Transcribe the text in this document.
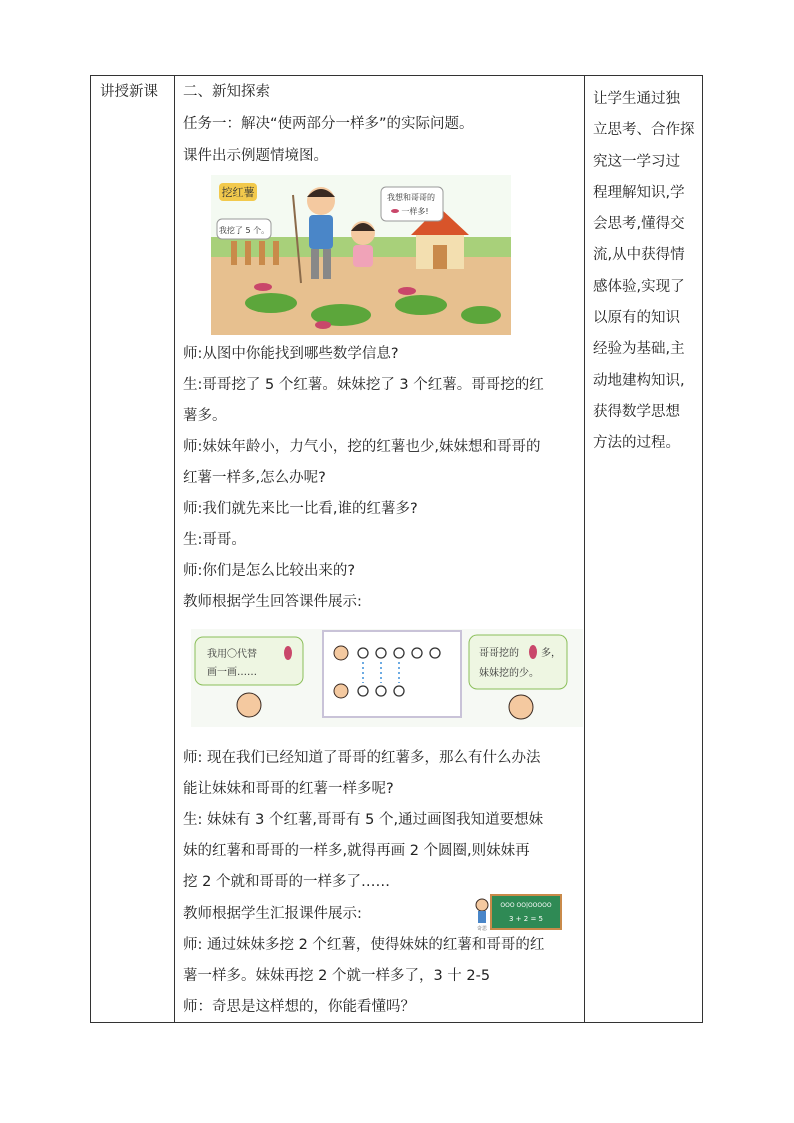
讲授新课 二、新知探索
任务一：解决“使两部分一样多”的实际问题。
课件出示例题情境图。
挖红薯	我想和哥哥的
一样多!
我挖了 5 个。
师:从图中你能找到哪些数学信息?
生:哥哥挖了 5 个红薯。妹妹挖了 3 个红薯。哥哥挖的红
薯多。
师:妹妹年龄小，力气小，挖的红薯也少,妹妹想和哥哥的
红薯一样多,怎么办呢?
师:我们就先来比一比看,谁的红薯多?
生:哥哥。
师:你们是怎么比较出来的?
教师根据学生回答课件展示:
我用〇代替
画一画……
哥哥挖的 多，
妹妹挖的少。
师: 现在我们已经知道了哥哥的红薯多，那么有什么办法
能让妹妹和哥哥的红薯一样多呢?
生: 妹妹有 3 个红薯,哥哥有 5 个,通过画图我知道要想妹
妹的红薯和哥哥的一样多,就得再画 2 个圆圈,则妹妹再
挖 2 个就和哥哥的一样多了……
教师根据学生汇报课件展示:
奇思
OOO OO|OOOOO
3 + 2 = 5
师: 通过妹妹多挖 2 个红薯，使得妹妹的红薯和哥哥的红
薯一样多。妹妹再挖 2 个就一样多了，3 十 2-5
师：奇思是这样想的，你能看懂吗？
让学生通过独
立思考、合作探
究这一学习过
程理解知识,学
会思考,懂得交
流,从中获得情
感体验,实现了
以原有的知识
经验为基础,主
动地建构知识,
获得数学思想
方法的过程。
